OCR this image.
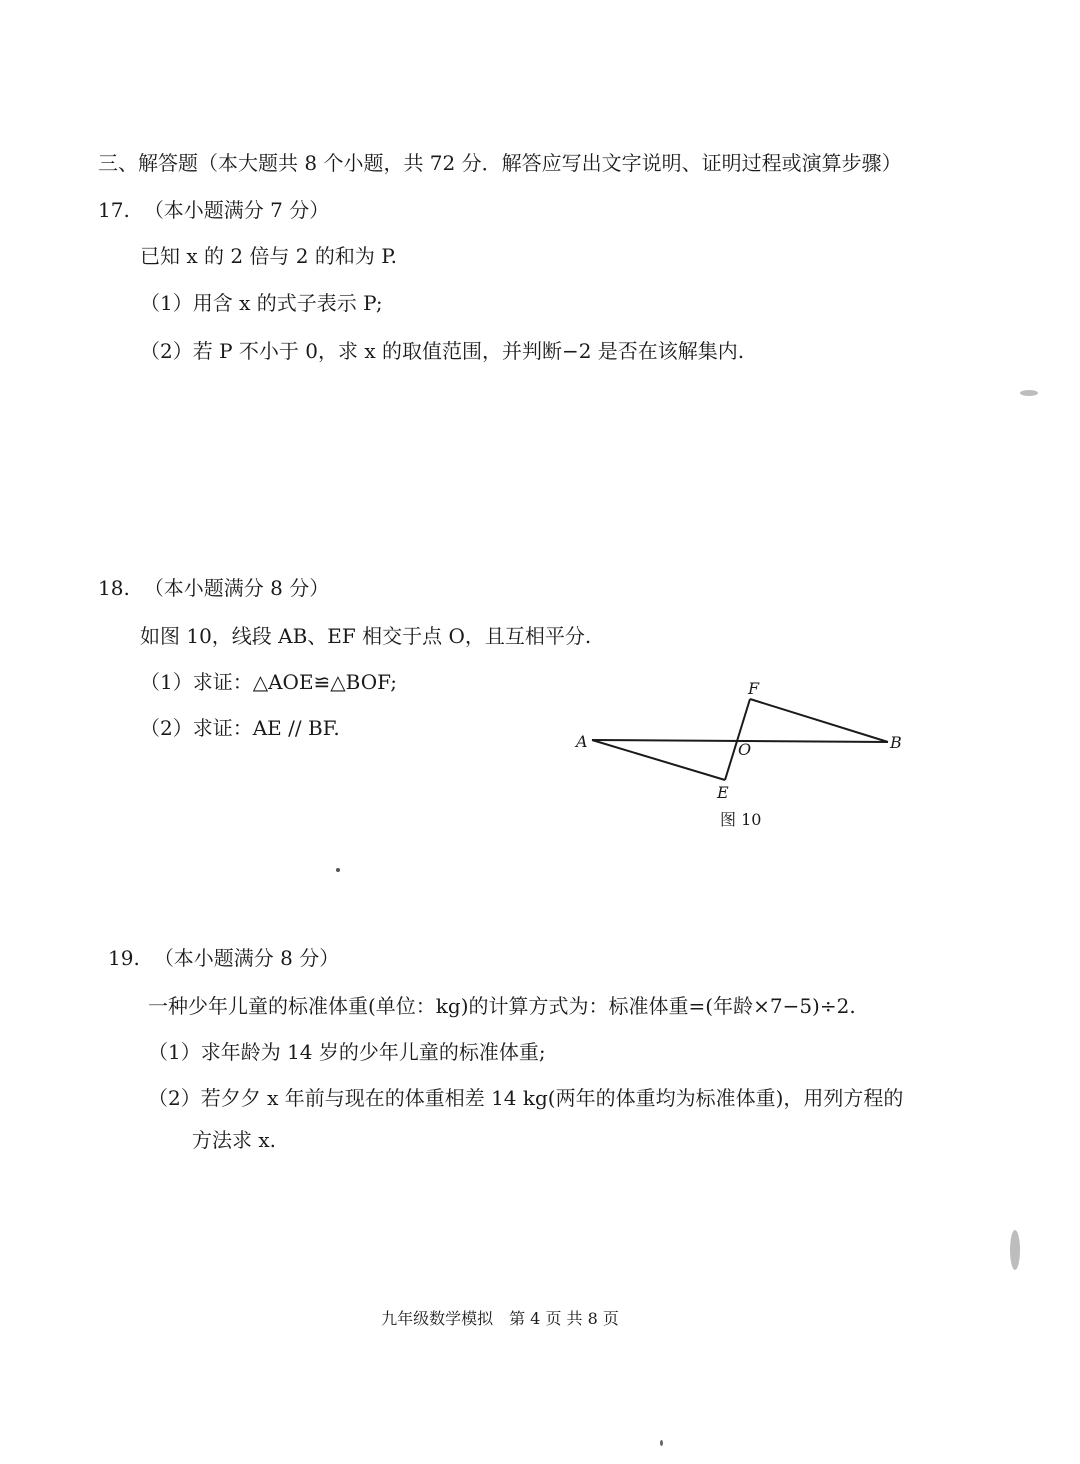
三、解答题（本大题共 8 个小题，共 72 分．解答应写出文字说明、证明过程或演算步骤）
17. （本小题满分 7 分）
已知 x 的 2 倍与 2 的和为 P.
（1）用含 x 的式子表示 P;
（2）若 P 不小于 0，求 x 的取值范围，并判断−2 是否在该解集内.
18. （本小题满分 8 分）
如图 10，线段 AB、EF 相交于点 O，且互相平分.
（1）求证：△AOE≌△BOF;
（2）求证：AE // BF.
A	B
O
E
F
图 10
19. （本小题满分 8 分）
一种少年儿童的标准体重(单位：kg)的计算方式为：标准体重=(年龄×7−5)÷2.
（1）求年龄为 14 岁的少年儿童的标准体重;
（2）若夕夕 x 年前与现在的体重相差 14 kg(两年的体重均为标准体重)，用列方程的
方法求 x.
九年级数学模拟　第 4 页 共 8 页
